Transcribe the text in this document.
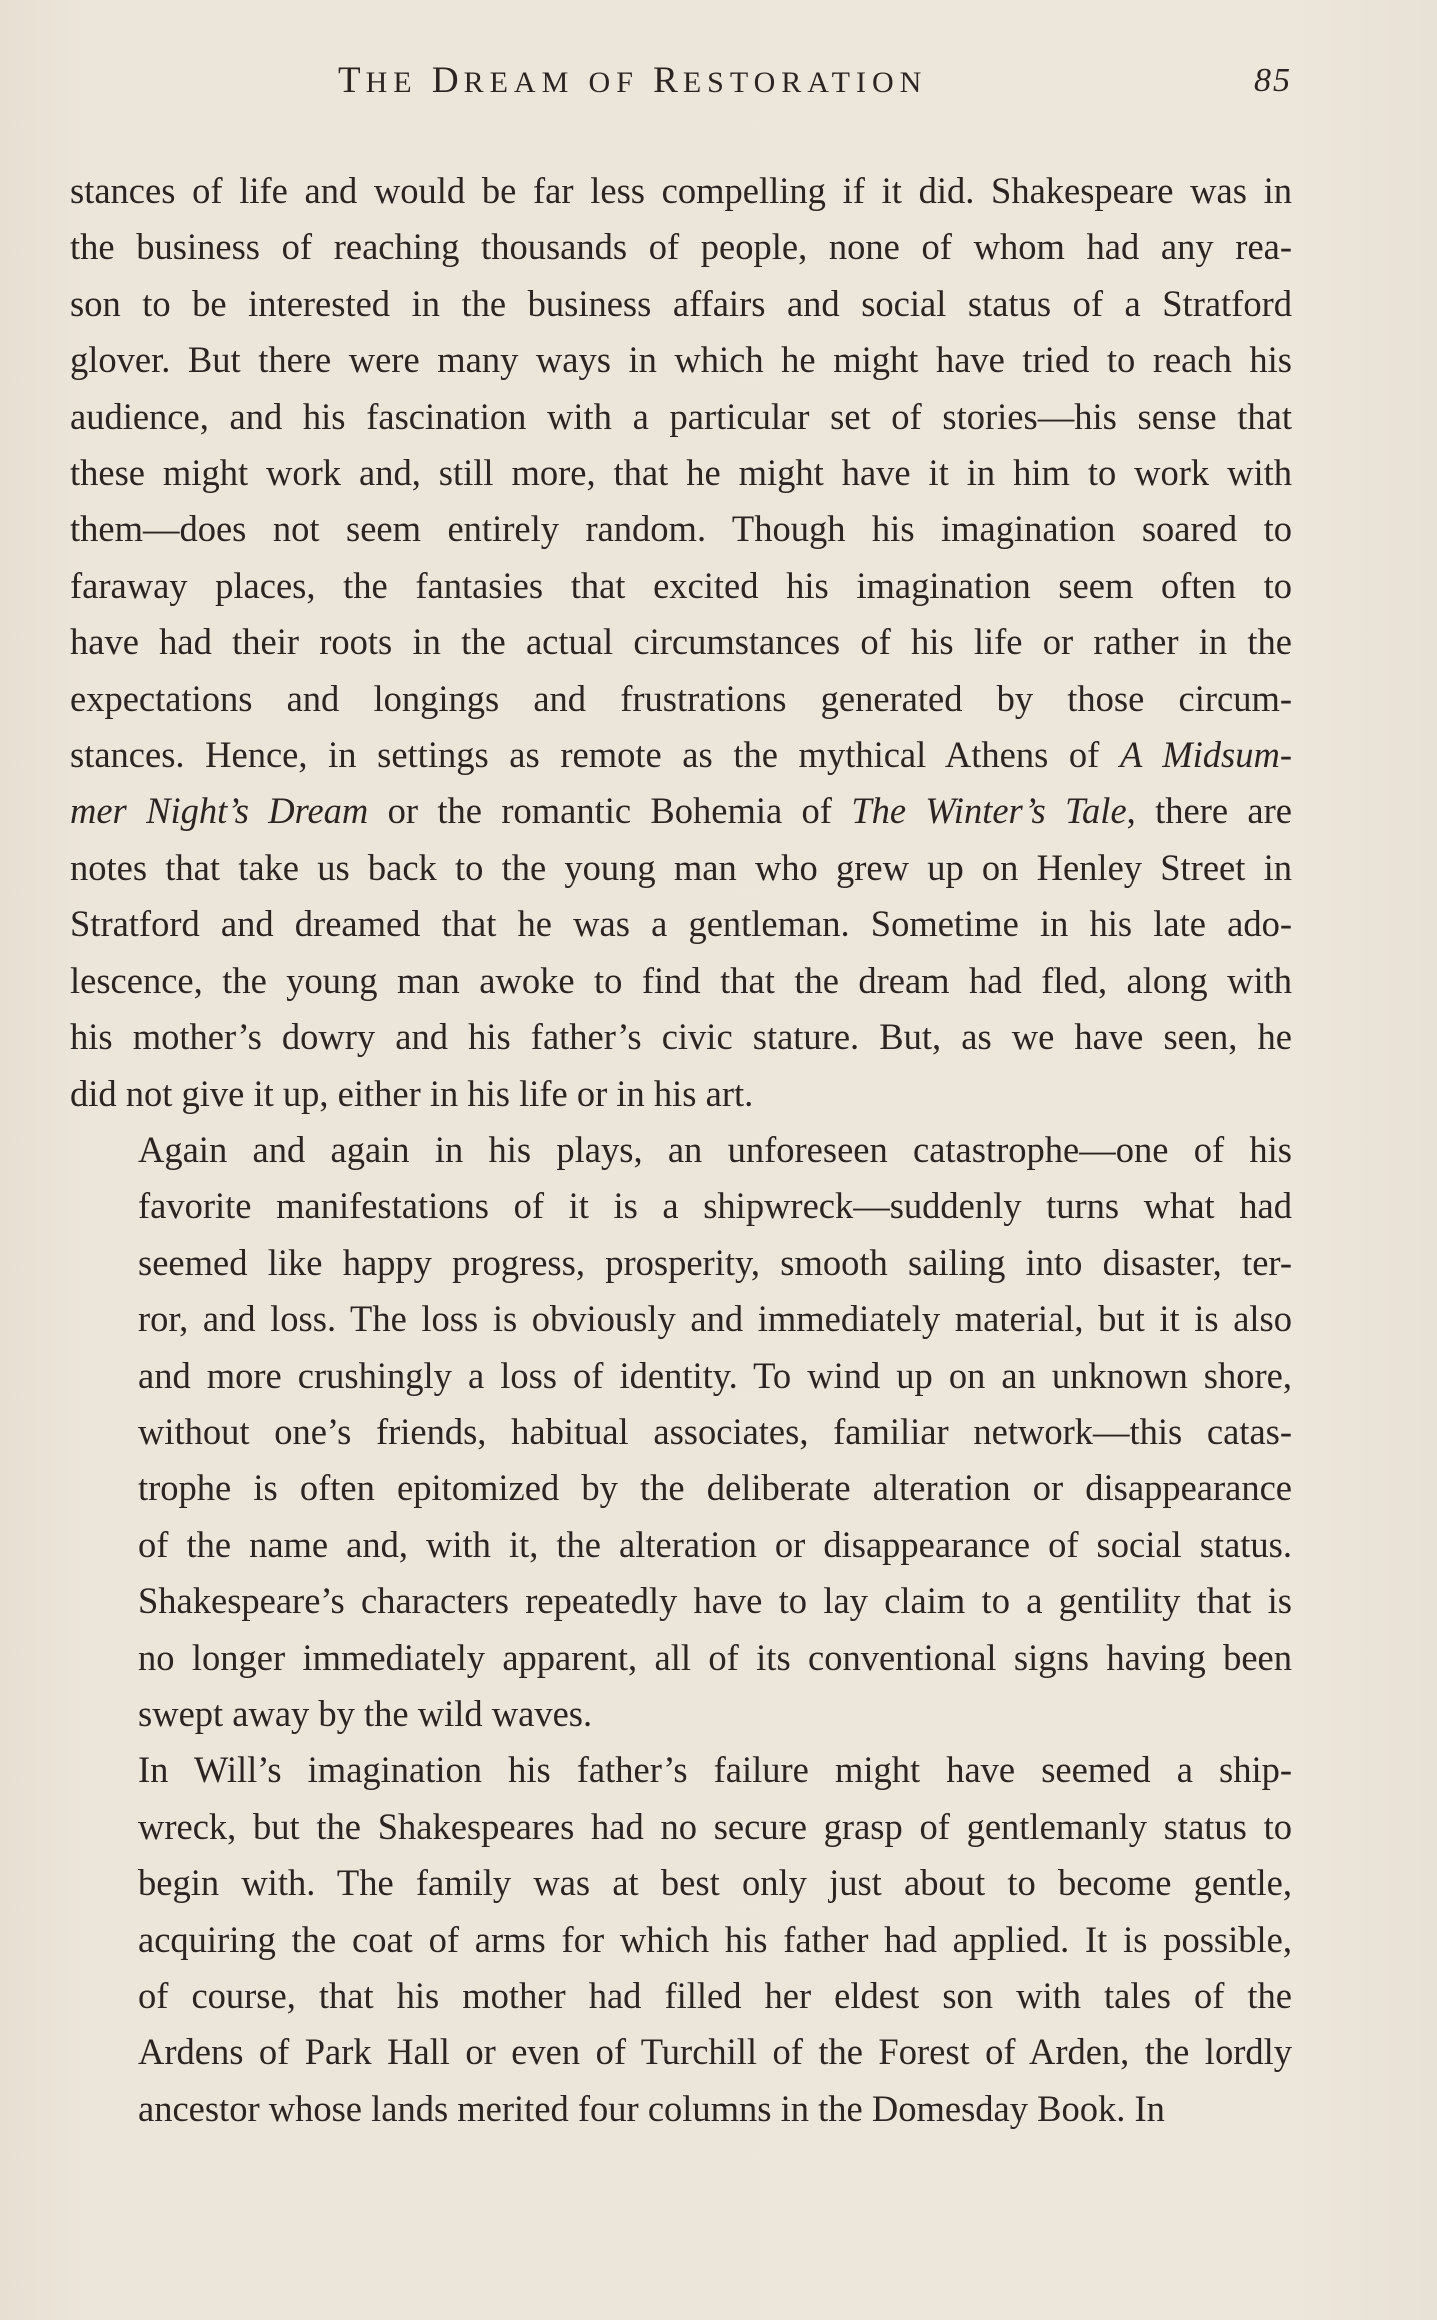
THE DREAM OF RESTORATION	85

stances of life and would be far less compelling if it did. Shakespeare was in
the business of reaching thousands of people, none of whom had any rea-
son to be interested in the business affairs and social status of a Stratford
glover. But there were many ways in which he might have tried to reach his
audience, and his fascination with a particular set of stories—his sense that
these might work and, still more, that he might have it in him to work with
them—does not seem entirely random. Though his imagination soared to
faraway places, the fantasies that excited his imagination seem often to
have had their roots in the actual circumstances of his life or rather in the
expectations and longings and frustrations generated by those circum-
stances. Hence, in settings as remote as the mythical Athens of A Midsum-
mer Night’s Dream or the romantic Bohemia of The Winter’s Tale, there are
notes that take us back to the young man who grew up on Henley Street in
Stratford and dreamed that he was a gentleman. Sometime in his late ado-
lescence, the young man awoke to find that the dream had fled, along with
his mother’s dowry and his father’s civic stature. But, as we have seen, he
did not give it up, either in his life or in his art.

Again and again in his plays, an unforeseen catastrophe—one of his
favorite manifestations of it is a shipwreck—suddenly turns what had
seemed like happy progress, prosperity, smooth sailing into disaster, ter-
ror, and loss. The loss is obviously and immediately material, but it is also
and more crushingly a loss of identity. To wind up on an unknown shore,
without one’s friends, habitual associates, familiar network—this catas-
trophe is often epitomized by the deliberate alteration or disappearance
of the name and, with it, the alteration or disappearance of social status.
Shakespeare’s characters repeatedly have to lay claim to a gentility that is
no longer immediately apparent, all of its conventional signs having been
swept away by the wild waves.

In Will’s imagination his father’s failure might have seemed a ship-
wreck, but the Shakespeares had no secure grasp of gentlemanly status to
begin with. The family was at best only just about to become gentle,
acquiring the coat of arms for which his father had applied. It is possible,
of course, that his mother had filled her eldest son with tales of the
Ardens of Park Hall or even of Turchill of the Forest of Arden, the lordly
ancestor whose lands merited four columns in the Domesday Book. In
